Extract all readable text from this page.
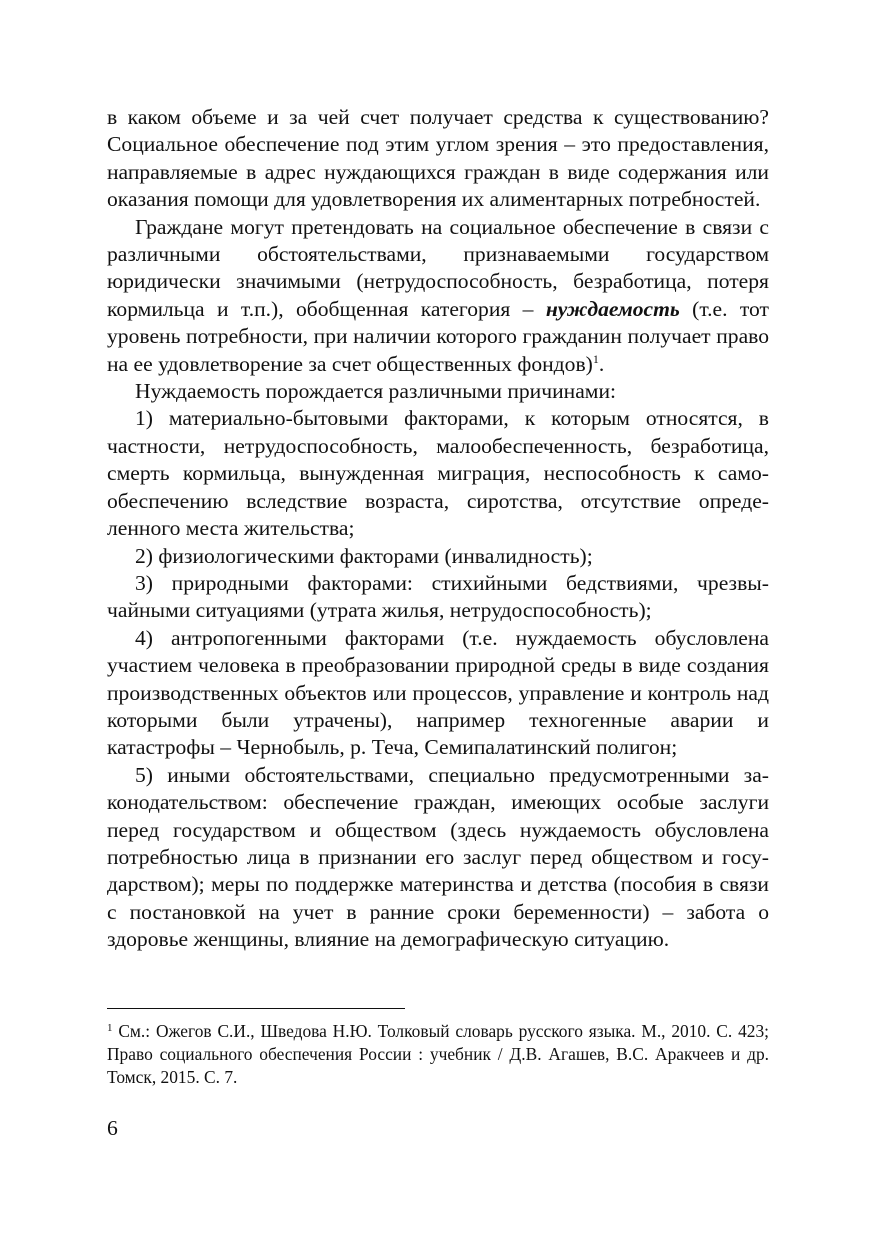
в каком объеме и за чей счет получает средства к существованию? Социальное обеспечение под этим углом зрения – это предоставления, направляемые в адрес нуждающихся граждан в виде содержания или оказания помощи для удовлетворения их алиментарных потребностей.

Граждане могут претендовать на социальное обеспечение в связи с различными обстоятельствами, признаваемыми государством юридически значимыми (нетрудоспособность, безработица, потеря кормильца и т.п.), обобщенная категория – нуждаемость (т.е. тот уровень потребности, при наличии которого гражданин получает право на ее удовлетворение за счет общественных фондов)$^1$.

Нуждаемость порождается различными причинами:

1) материально-бытовыми факторами, к которым относятся, в частности, нетрудоспособность, малообеспеченность, безработица, смерть кормильца, вынужденная миграция, неспособность к самообеспечению вследствие возраста, сиротства, отсутствие определенного места жительства;

2) физиологическими факторами (инвалидность);

3) природными факторами: стихийными бедствиями, чрезвычайными ситуациями (утрата жилья, нетрудоспособность);

4) антропогенными факторами (т.е. нуждаемость обусловлена участием человека в преобразовании природной среды в виде создания производственных объектов или процессов, управление и контроль над которыми были утрачены), например техногенные аварии и катастрофы – Чернобыль, р. Теча, Семипалатинский полигон;

5) иными обстоятельствами, специально предусмотренными законодательством: обеспечение граждан, имеющих особые заслуги перед государством и обществом (здесь нуждаемость обусловлена потребностью лица в признании его заслуг перед обществом и государством); меры по поддержке материнства и детства (пособия в связи с постановкой на учет в ранние сроки беременности) – забота о здоровье женщины, влияние на демографическую ситуацию.

$^1$ См.: Ожегов С.И., Шведова Н.Ю. Толковый словарь русского языка. М., 2010. С. 423; Право социального обеспечения России : учебник / Д.В. Агашев, В.С. Аракчеев и др. Томск, 2015. С. 7.

6
